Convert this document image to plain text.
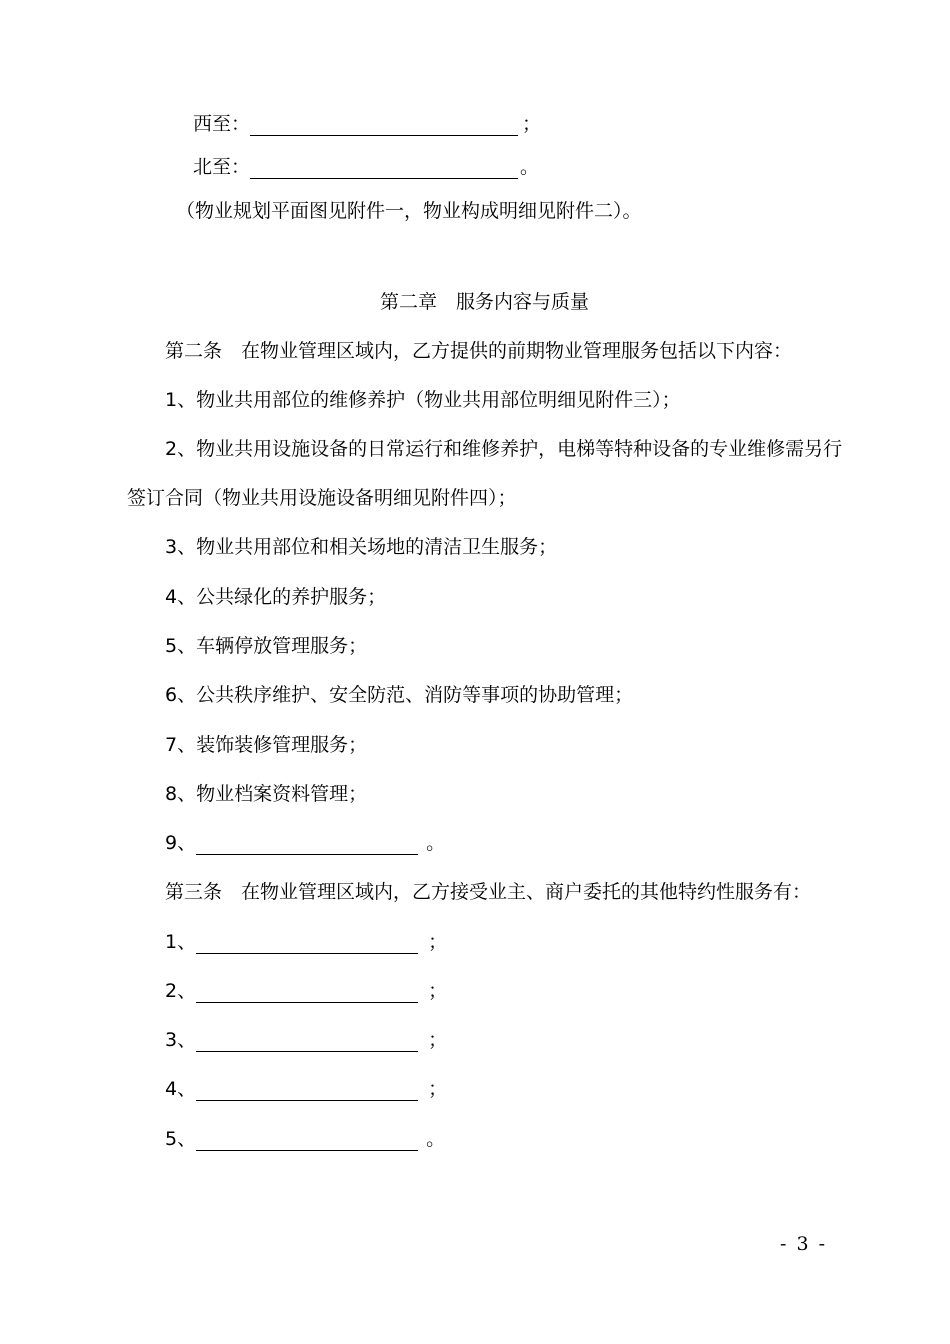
西至：	；
北至：	。
（物业规划平面图见附件一，物业构成明细见附件二）。
第二章　服务内容与质量
第二条　在物业管理区域内，乙方提供的前期物业管理服务包括以下内容：
1、物业共用部位的维修养护（物业共用部位明细见附件三）；
2、物业共用设施设备的日常运行和维修养护，电梯等特种设备的专业维修需另行
签订合同（物业共用设施设备明细见附件四）；
3、物业共用部位和相关场地的清洁卫生服务；
4、公共绿化的养护服务；
5、车辆停放管理服务；
6、公共秩序维护、安全防范、消防等事项的协助管理；
7、装饰装修管理服务；
8、物业档案资料管理；
9、	。
第三条　在物业管理区域内，乙方接受业主、商户委托的其他特约性服务有：
1、	；
2、	；
3、	；
4、	；
5、	。
- 3 -
